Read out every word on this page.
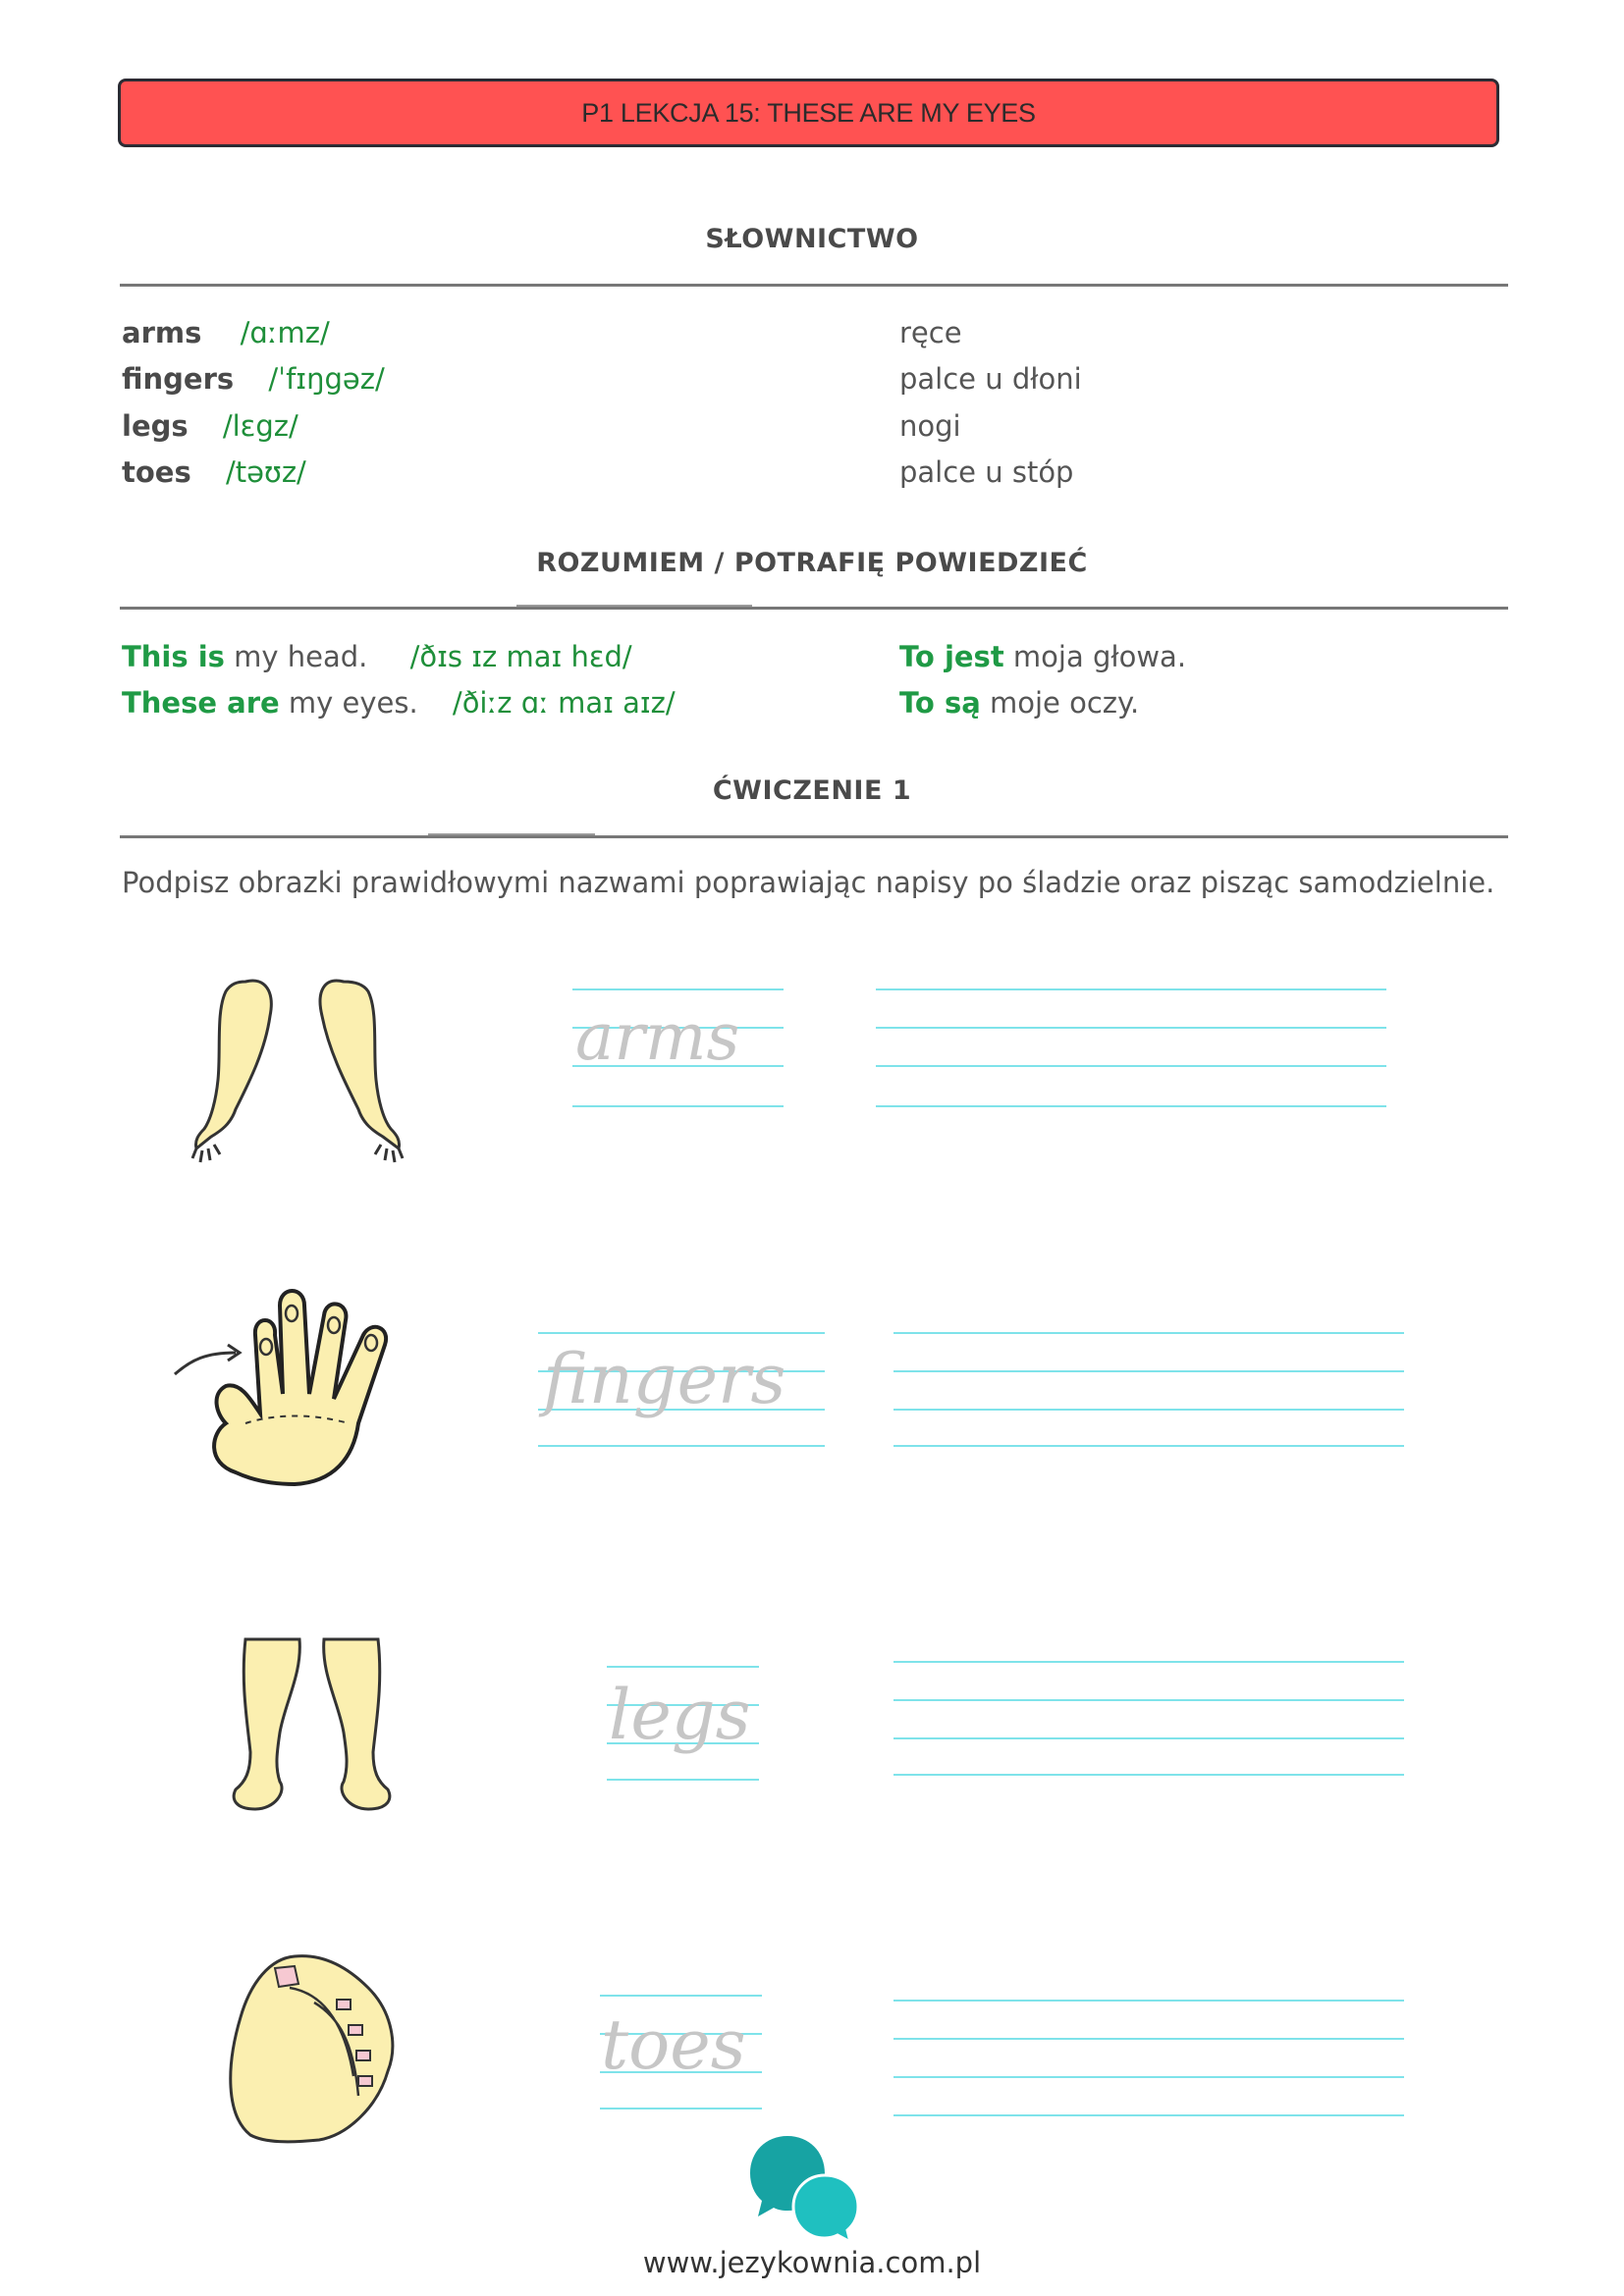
P1 LEKCJA 15: THESE ARE MY EYES
SŁOWNICTWO
arms /ɑːmz/	ręce
fingers /ˈfɪŋgəz/	palce u dłoni
legs /lɛgz/	nogi
toes /təʊz/	palce u stóp
ROZUMIEM / POTRAFIĘ POWIEDZIEĆ
This is my head. /ðɪs ɪz maɪ hɛd/	To jest moja głowa.
These are my eyes. /ðiːz ɑː maɪ aɪz/	To są moje oczy.
ĆWICZENIE 1
Podpisz obrazki prawidłowymi nazwami poprawiając napisy po śladzie oraz pisząc samodzielnie.
arms
fingers
legs
toes
www.jezykownia.com.pl
